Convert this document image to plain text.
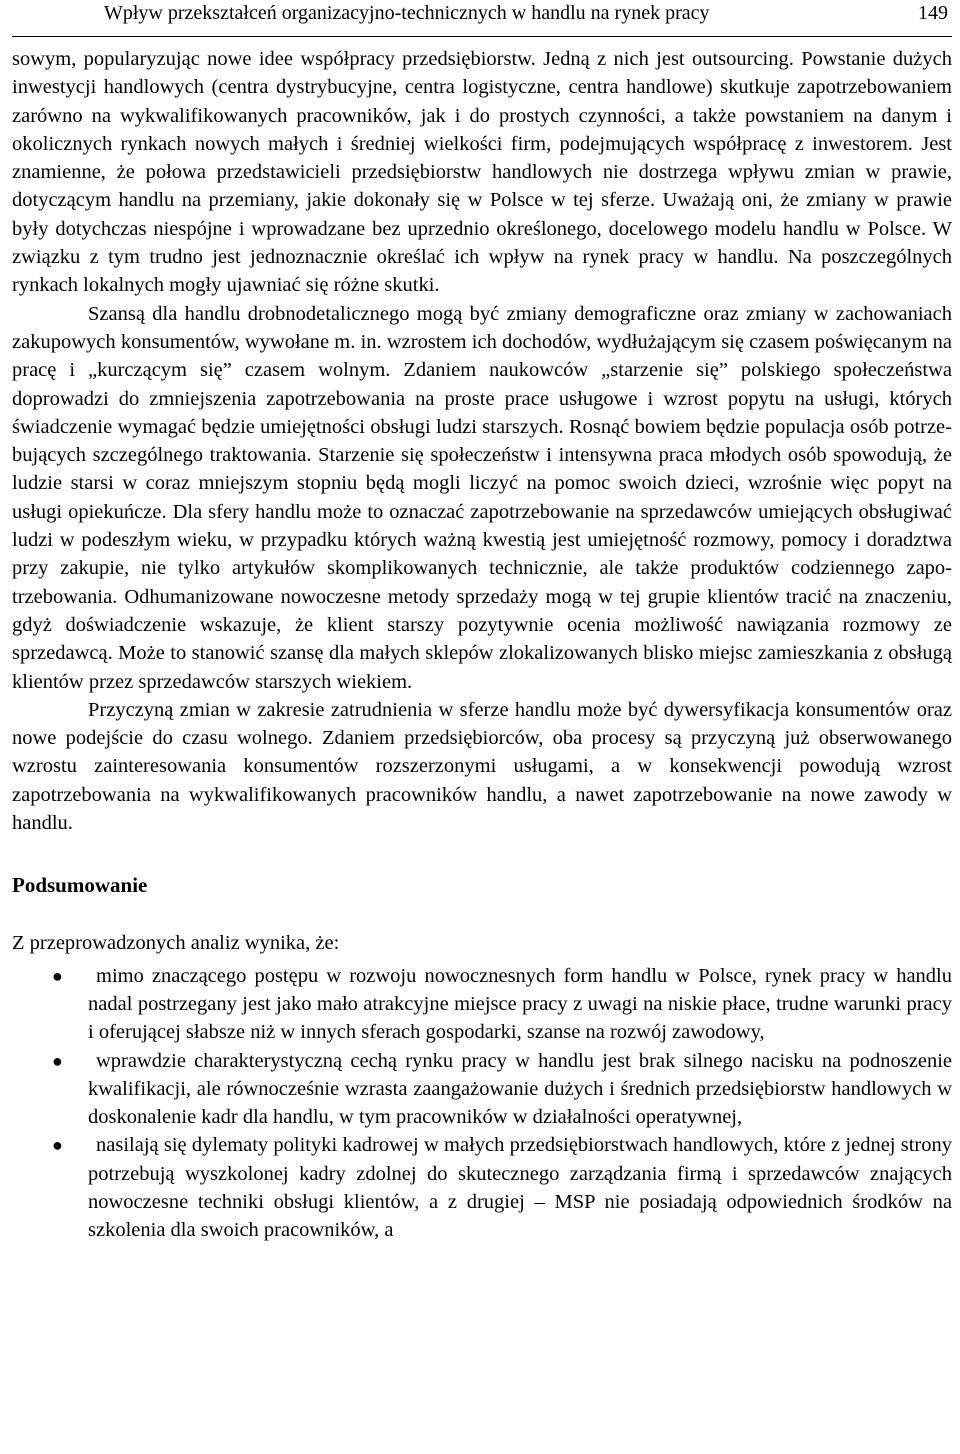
Wpływ przekształceń organizacyjno-technicznych w handlu na rynek pracy	149

sowym, popularyzując nowe idee współpracy przedsiębiorstw. Jedną z nich jest outsourcing. Powstanie dużych inwestycji handlowych (centra dystrybucyjne, centra logistyczne, centra handlowe) skutkuje zapotrzebowaniem zarówno na wykwalifikowanych pracowników, jak i do prostych czynności, a także powstaniem na danym i okolicznych rynkach nowych małych i średniej wielkości firm, podejmujących współpracę z inwestorem. Jest znamienne, że połowa przedstawicieli przedsiębiorstw handlowych nie dostrzega wpływu zmian w prawie, dotyczącym handlu na przemiany, jakie dokonały się w Polsce w tej sferze. Uważają oni, że zmiany w prawie były dotychczas niespójne i wprowadzane bez uprzednio określonego, docelowego modelu handlu w Polsce. W związku z tym trudno jest jednoznacznie określać ich wpływ na rynek pracy w handlu. Na poszczególnych rynkach lokalnych mogły ujawniać się różne skutki.

Szansą dla handlu drobnodetalicznego mogą być zmiany demograficzne oraz zmiany w zachowaniach zakupowych konsumentów, wywołane m. in. wzrostem ich dochodów, wydłużającym się czasem poświęcanym na pracę i „kurczącym się” czasem wolnym. Zdaniem naukowców „starzenie się” polskiego społeczeństwa doprowadzi do zmniejszenia zapotrzebowania na proste prace usługowe i wzrost popytu na usługi, których świadczenie wymagać będzie umiejętności obsługi ludzi starszych. Rosnąć bowiem będzie populacja osób potrzebujących szczególnego traktowania. Starzenie się społeczeństw i intensywna praca młodych osób spowodują, że ludzie starsi w coraz mniejszym stopniu będą mogli liczyć na pomoc swoich dzieci, wzrośnie więc popyt na usługi opiekuńcze. Dla sfery handlu może to oznaczać zapotrzebowanie na sprzedawców umiejących obsługiwać ludzi w podeszłym wieku, w przypadku których ważną kwestią jest umiejętność rozmowy, pomocy i doradztwa przy zakupie, nie tylko artykułów skomplikowanych technicznie, ale także produktów codziennego zapotrzebowania. Odhumanizowane nowoczesne metody sprzedaży mogą w tej grupie klientów tracić na znaczeniu, gdyż doświadczenie wskazuje, że klient starszy pozytywnie ocenia możliwość nawiązania rozmowy ze sprzedawcą. Może to stanowić szansę dla małych sklepów zlokalizowanych blisko miejsc zamieszkania z obsługą klientów przez sprzedawców starszych wiekiem.

Przyczyną zmian w zakresie zatrudnienia w sferze handlu może być dywersyfikacja konsumentów oraz nowe podejście do czasu wolnego. Zdaniem przedsiębiorców, oba procesy są przyczyną już obserwowanego wzrostu zainteresowania konsumentów rozszerzonymi usługami, a w konsekwencji powodują wzrost zapotrzebowania na wykwalifikowanych pracowników handlu, a nawet zapotrzebowanie na nowe zawody w handlu.

Podsumowanie

Z przeprowadzonych analiz wynika, że:

●	mimo znaczącego postępu w rozwoju nowocznesnych form handlu w Polsce, rynek pracy w handlu nadal postrzegany jest jako mało atrakcyjne miejsce pracy z uwagi na niskie płace, trudne warunki pracy i oferującej słabsze niż w innych sferach gospodarki, szanse na rozwój zawodowy,
●	wprawdzie charakterystyczną cechą rynku pracy w handlu jest brak silnego nacisku na podnoszenie kwalifikacji, ale równocześnie wzrasta zaangażowanie dużych i średnich przedsiębiorstw handlowych w doskonalenie kadr dla handlu, w tym pracowników w działalności operatywnej,
●	nasilają się dylematy polityki kadrowej w małych przedsiębiorstwach handlowych, które z jednej strony potrzebują wyszkolonej kadry zdolnej do skutecznego zarządzania firmą i sprzedawców znających nowoczesne techniki obsługi klientów, a z drugiej – MSP nie posiadają odpowiednich środków na szkolenia dla swoich pracowników, a
